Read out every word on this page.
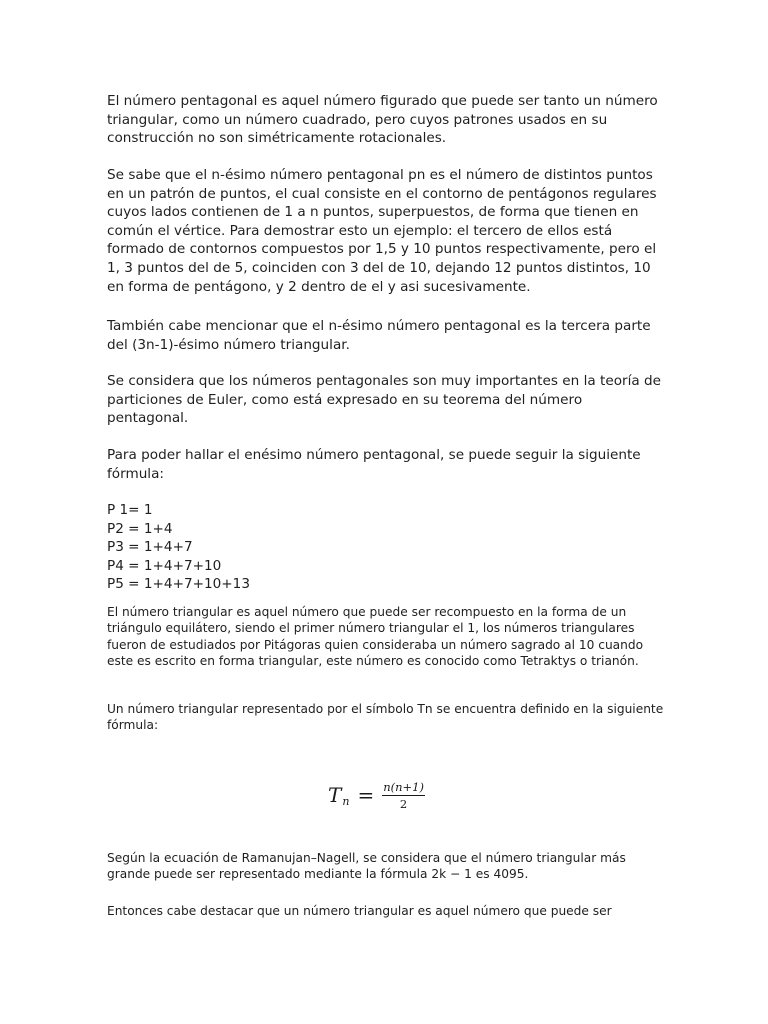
El número pentagonal es aquel número figurado que puede ser tanto un número triangular, como un número cuadrado, pero cuyos patrones usados en su construcción no son simétricamente rotacionales.

Se sabe que el n-ésimo número pentagonal pn es el número de distintos puntos en un patrón de puntos, el cual consiste en el contorno de pentágonos regulares cuyos lados contienen de 1 a n puntos, superpuestos, de forma que tienen en común el vértice. Para demostrar esto un ejemplo: el tercero de ellos está formado de contornos compuestos por 1,5 y 10 puntos respectivamente, pero el 1, 3 puntos del de 5, coinciden con 3 del de 10, dejando 12 puntos distintos, 10 en forma de pentágono, y 2 dentro de el y asi sucesivamente.

También cabe mencionar que el n-ésimo número pentagonal es la tercera parte del (3n-1)-ésimo número triangular.

Se considera que los números pentagonales son muy importantes en la teoría de particiones de Euler, como está expresado en su teorema del número pentagonal.

Para poder hallar el enésimo número pentagonal, se puede seguir la siguiente fórmula:

P 1= 1
P2 = 1+4
P3 = 1+4+7
P4 = 1+4+7+10
P5 = 1+4+7+10+13

El número triangular es aquel número que puede ser recompuesto en la forma de un triángulo equilátero, siendo el primer número triangular el 1, los números triangulares fueron de estudiados por Pitágoras quien consideraba un número sagrado al 10 cuando este es escrito en forma triangular, este número es conocido como Tetraktys o trianón.

Un número triangular representado por el símbolo Tn se encuentra definido en la siguiente fórmula:

T $n = \frac{n(n+1)}{2}$

Según la ecuación de Ramanujan–Nagell, se considera que el número triangular más grande puede ser representado mediante la fórmula 2k − 1 es 4095.

Entonces cabe destacar que un número triangular es aquel número que puede ser
